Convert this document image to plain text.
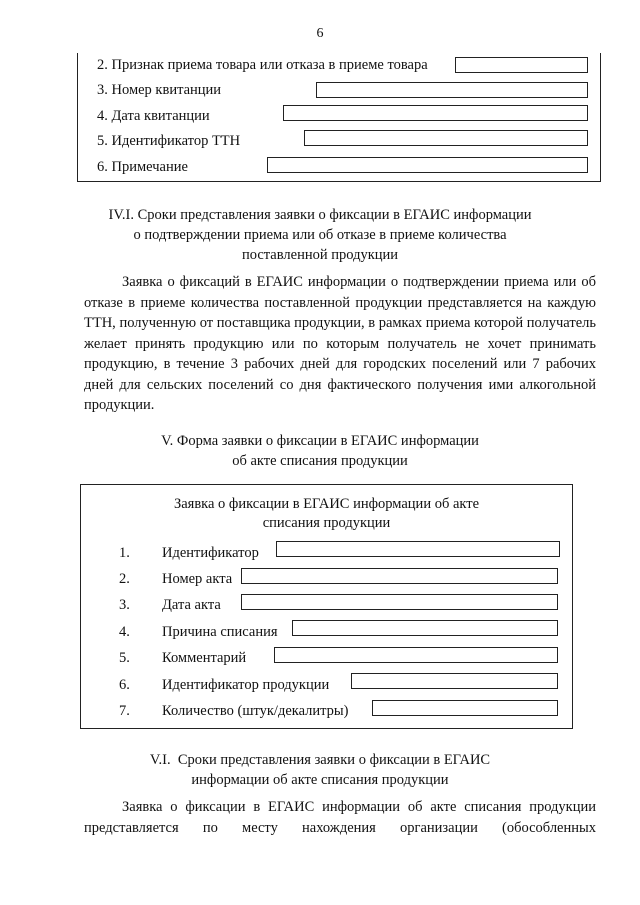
6
2.
Признак приема товара или отказа в приеме товара
3.
Номер квитанции
4.
Дата квитанции
5.
Идентификатор ТТН
6.
Примечание
IV.I. Сроки представления заявки о фиксации в ЕГАИС информации
о подтверждении приема или об отказе в приеме количества
поставленной продукции

Заявка о фиксаций в ЕГАИС информации о подтверждении приема или об отказе в приеме количества поставленной продукции представляется на каждую ТТН, полученную от поставщика продукции, в рамках приема которой получатель желает принять продукцию или по которым получатель не хочет принимать продукцию, в течение 3 рабочих дней для городских поселений или 7 рабочих дней для сельских поселений со дня фактического получения ими алкогольной продукции.

V. Форма заявки о фиксации в ЕГАИС информации
об акте списания продукции
Заявка о фиксации в ЕГАИС информации об акте
списания продукции
1. Идентификатор
2. Номер акта
3. Дата акта
4. Причина списания
5. Комментарий
6. Идентификатор продукции
7. Количество (штук/декалитры)
V.I.  Сроки представления заявки о фиксации в ЕГАИС
информации об акте списания продукции

Заявка о фиксации в ЕГАИС информации об акте списания продукции представляется по месту нахождения организации (обособленных
